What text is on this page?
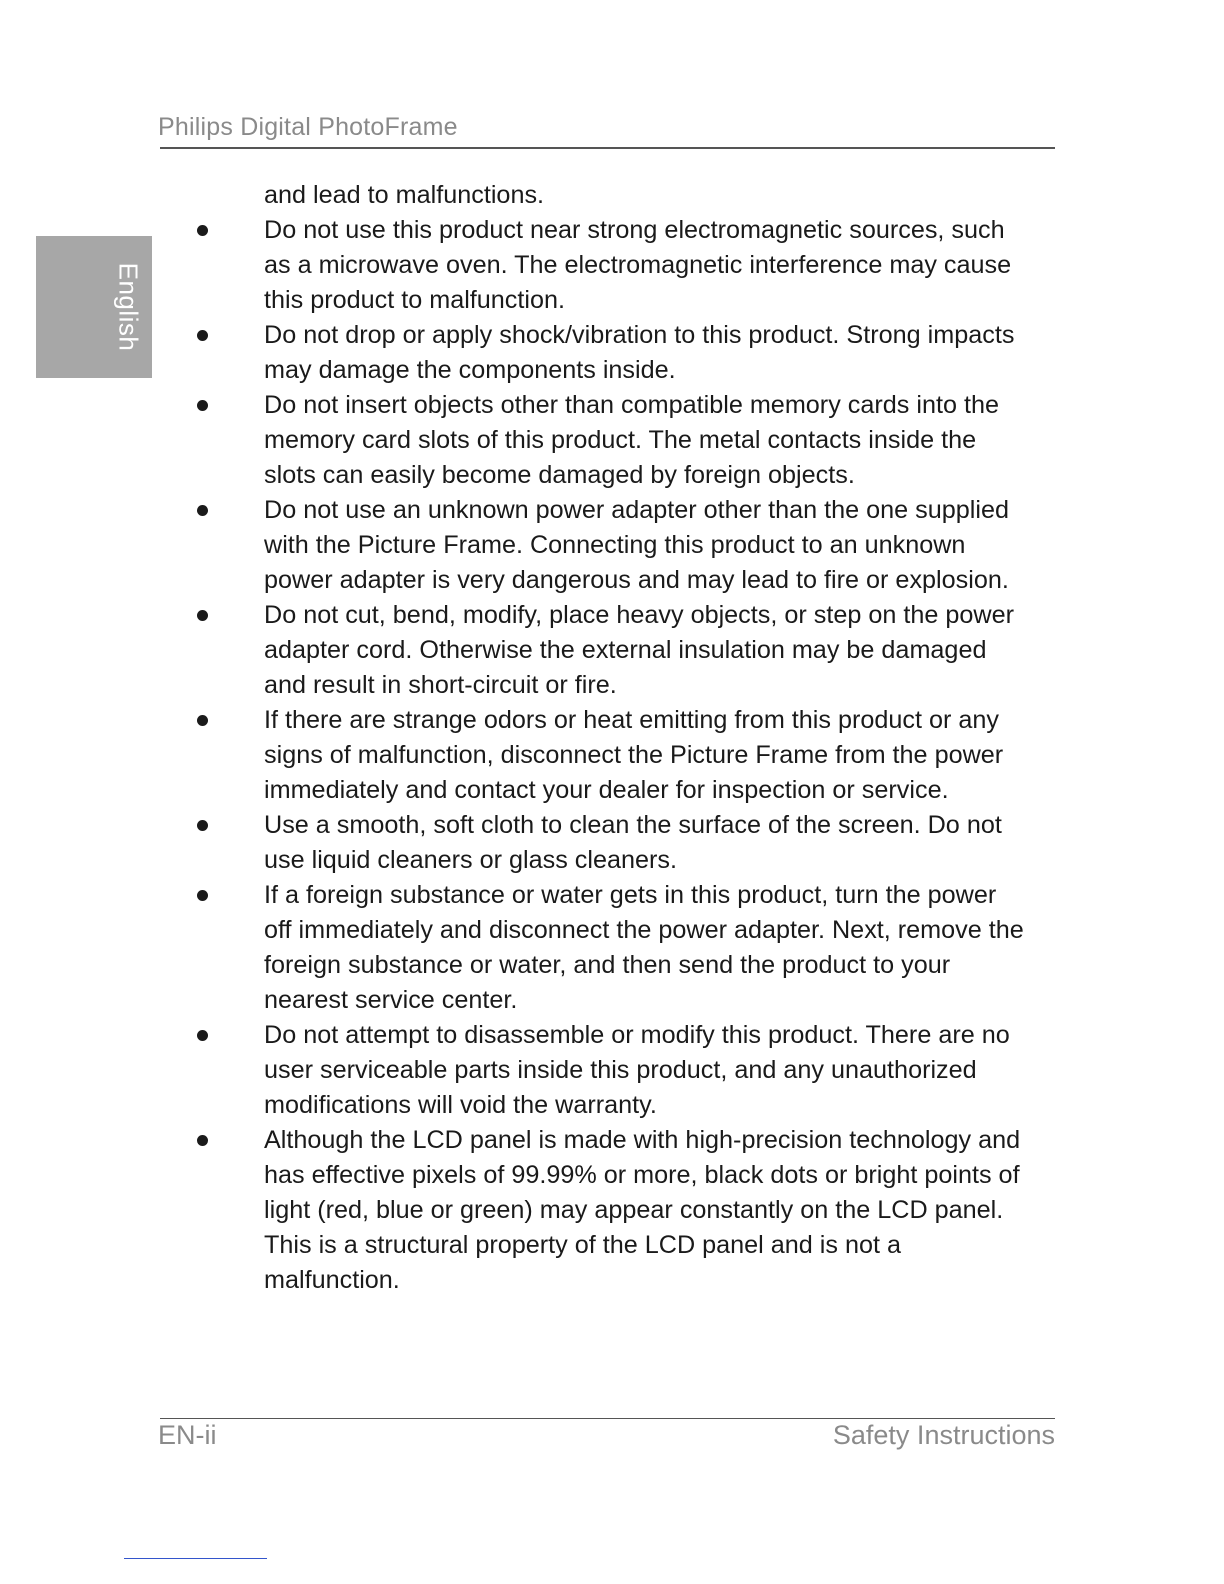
Philips Digital PhotoFrame
English

and lead to malfunctions.

Do not use this product near strong electromagnetic sources, such as a microwave oven. The electromagnetic interference may cause this product to malfunction.
Do not drop or apply shock/vibration to this product. Strong impacts may damage the components inside.
Do not insert objects other than compatible memory cards into the memory card slots of this product. The metal contacts inside the slots can easily become damaged by foreign objects.
Do not use an unknown power adapter other than the one supplied with the Picture Frame. Connecting this product to an unknown power adapter is very dangerous and may lead to fire or explosion.
Do not cut, bend, modify, place heavy objects, or step on the power adapter cord. Otherwise the external insulation may be damaged and result in short-circuit or fire.
If there are strange odors or heat emitting from this product or any signs of malfunction, disconnect the Picture Frame from the power immediately and contact your dealer for inspection or service.
Use a smooth, soft cloth to clean the surface of the screen. Do not use liquid cleaners or glass cleaners.
If a foreign substance or water gets in this product, turn the power off immediately and disconnect the power adapter. Next, remove the foreign substance or water, and then send the product to your nearest service center.
Do not attempt to disassemble or modify this product. There are no user serviceable parts inside this product, and any unauthorized modifications will void the warranty.
Although the LCD panel is made with high-precision technology and has effective pixels of 99.99% or more, black dots or bright points of light (red, blue or green) may appear constantly on the LCD panel. This is a structural property of the LCD panel and is not a malfunction.
EN-ii	Safety Instructions
